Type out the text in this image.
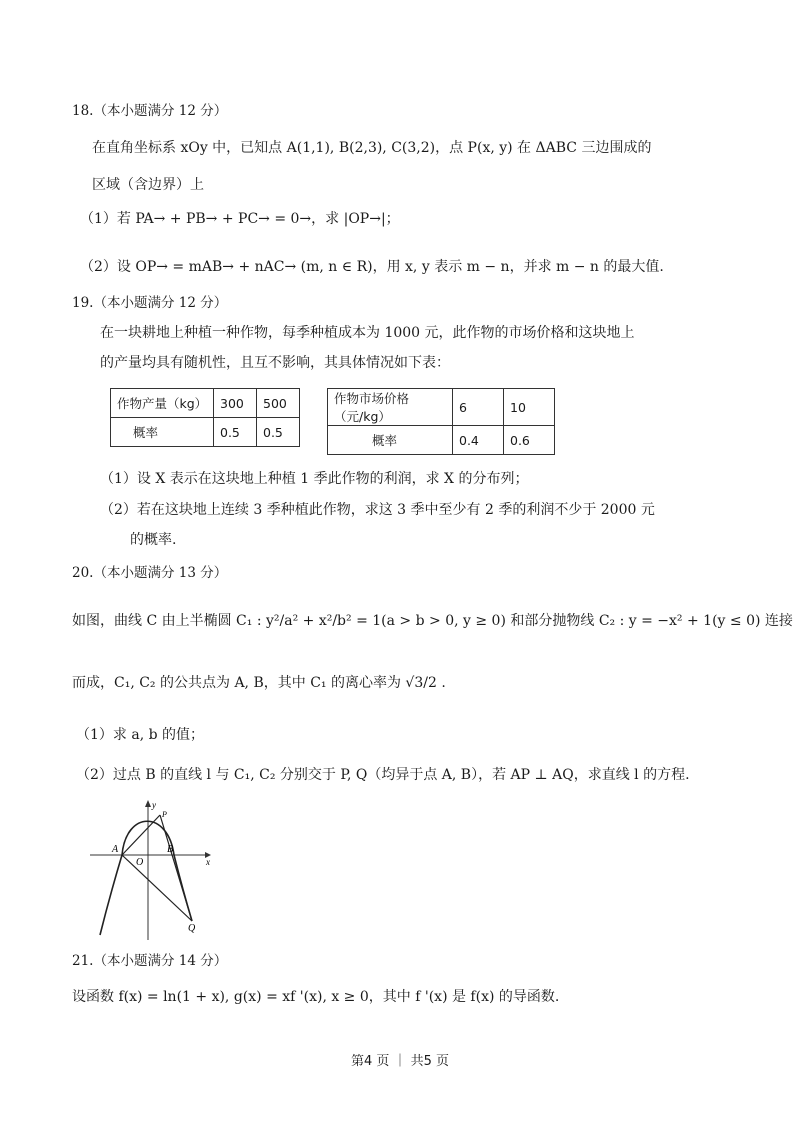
18.（本小题满分 12 分）
在直角坐标系 xOy 中，已知点 A(1,1), B(2,3), C(3,2)，点 P(x, y) 在 ΔABC 三边围成的
区域（含边界）上
（1）若 PA→ + PB→ + PC→ = 0→，求 |OP→|；
（2）设 OP→ = mAB→ + nAC→ (m, n ∈ R)，用 x, y 表示 m − n，并求 m − n 的最大值.
19.（本小题满分 12 分）
在一块耕地上种植一种作物，每季种植成本为 1000 元，此作物的市场价格和这块地上
的产量均具有随机性，且互不影响，其具体情况如下表：
作物产量（kg）	300	500
概率	0.5	0.5
作物市场价格（元/kg）	6	10
概率	0.4	0.6
（1）设 X 表示在这块地上种植 1 季此作物的利润，求 X 的分布列；
（2）若在这块地上连续 3 季种植此作物，求这 3 季中至少有 2 季的利润不少于 2000 元
的概率.
20.（本小题满分 13 分）
如图，曲线 C 由上半椭圆 C₁ : y²/a² + x²/b² = 1(a > b > 0, y ≥ 0) 和部分抛物线 C₂ : y = −x² + 1(y ≤ 0) 连接
而成，C₁, C₂ 的公共点为 A, B，其中 C₁ 的离心率为 √3/2 .
（1）求 a, b 的值；
（2）过点 B 的直线 l 与 C₁, C₂ 分别交于 P, Q（均异于点 A, B），若 AP ⊥ AQ，求直线 l 的方程.
y
x
A
O
B
P
Q
21.（本小题满分 14 分）
设函数 f(x) = ln(1 + x), g(x) = xf '(x), x ≥ 0，其中 f '(x) 是 f(x) 的导函数.
第4 页 ｜ 共5 页
